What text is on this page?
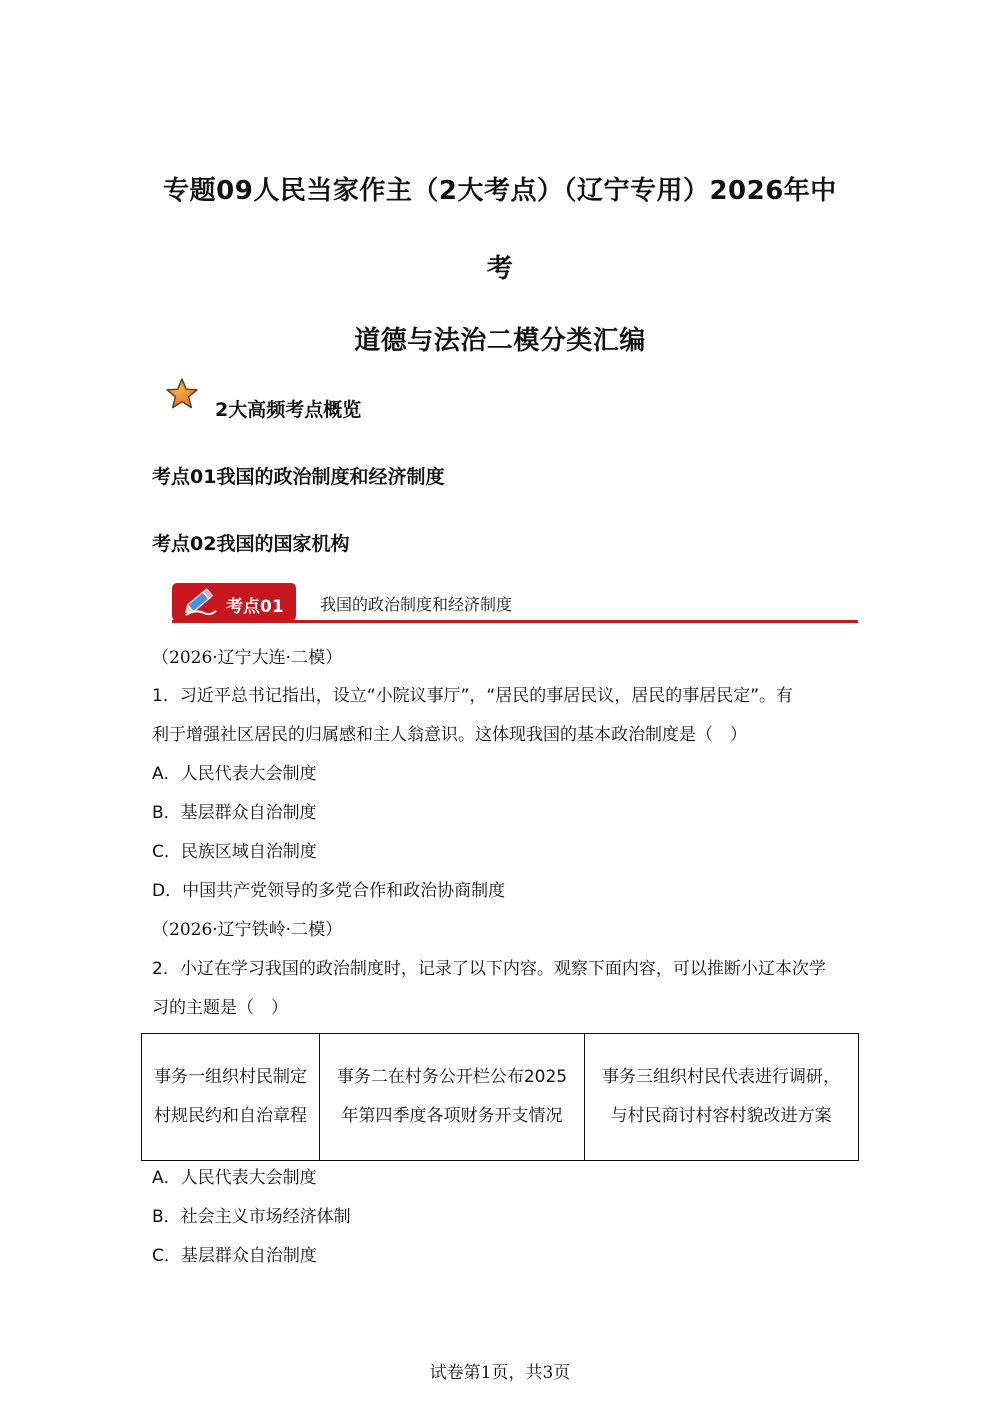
专题09人民当家作主（2大考点）（辽宁专用）2026年中
考
道德与法治二模分类汇编
2大高频考点概览
考点01我国的政治制度和经济制度
考点02我国的国家机构
考点01 我国的政治制度和经济制度
（2026·辽宁大连·二模）
1．习近平总书记指出，设立“小院议事厅”，“居民的事居民议，居民的事居民定”。有
利于增强社区居民的归属感和主人翁意识。这体现我国的基本政治制度是（　）
A．人民代表大会制度
B．基层群众自治制度
C．民族区域自治制度
D．中国共产党领导的多党合作和政治协商制度
（2026·辽宁铁岭·二模）
2．小辽在学习我国的政治制度时，记录了以下内容。观察下面内容，可以推断小辽本次学
习的主题是（　）
事务一组织村民制定村规民约和自治章程
事务二在村务公开栏公布2025年第四季度各项财务开支情况
事务三组织村民代表进行调研，与村民商讨村容村貌改进方案
A．人民代表大会制度
B．社会主义市场经济体制
C．基层群众自治制度
试卷第1页，共3页
